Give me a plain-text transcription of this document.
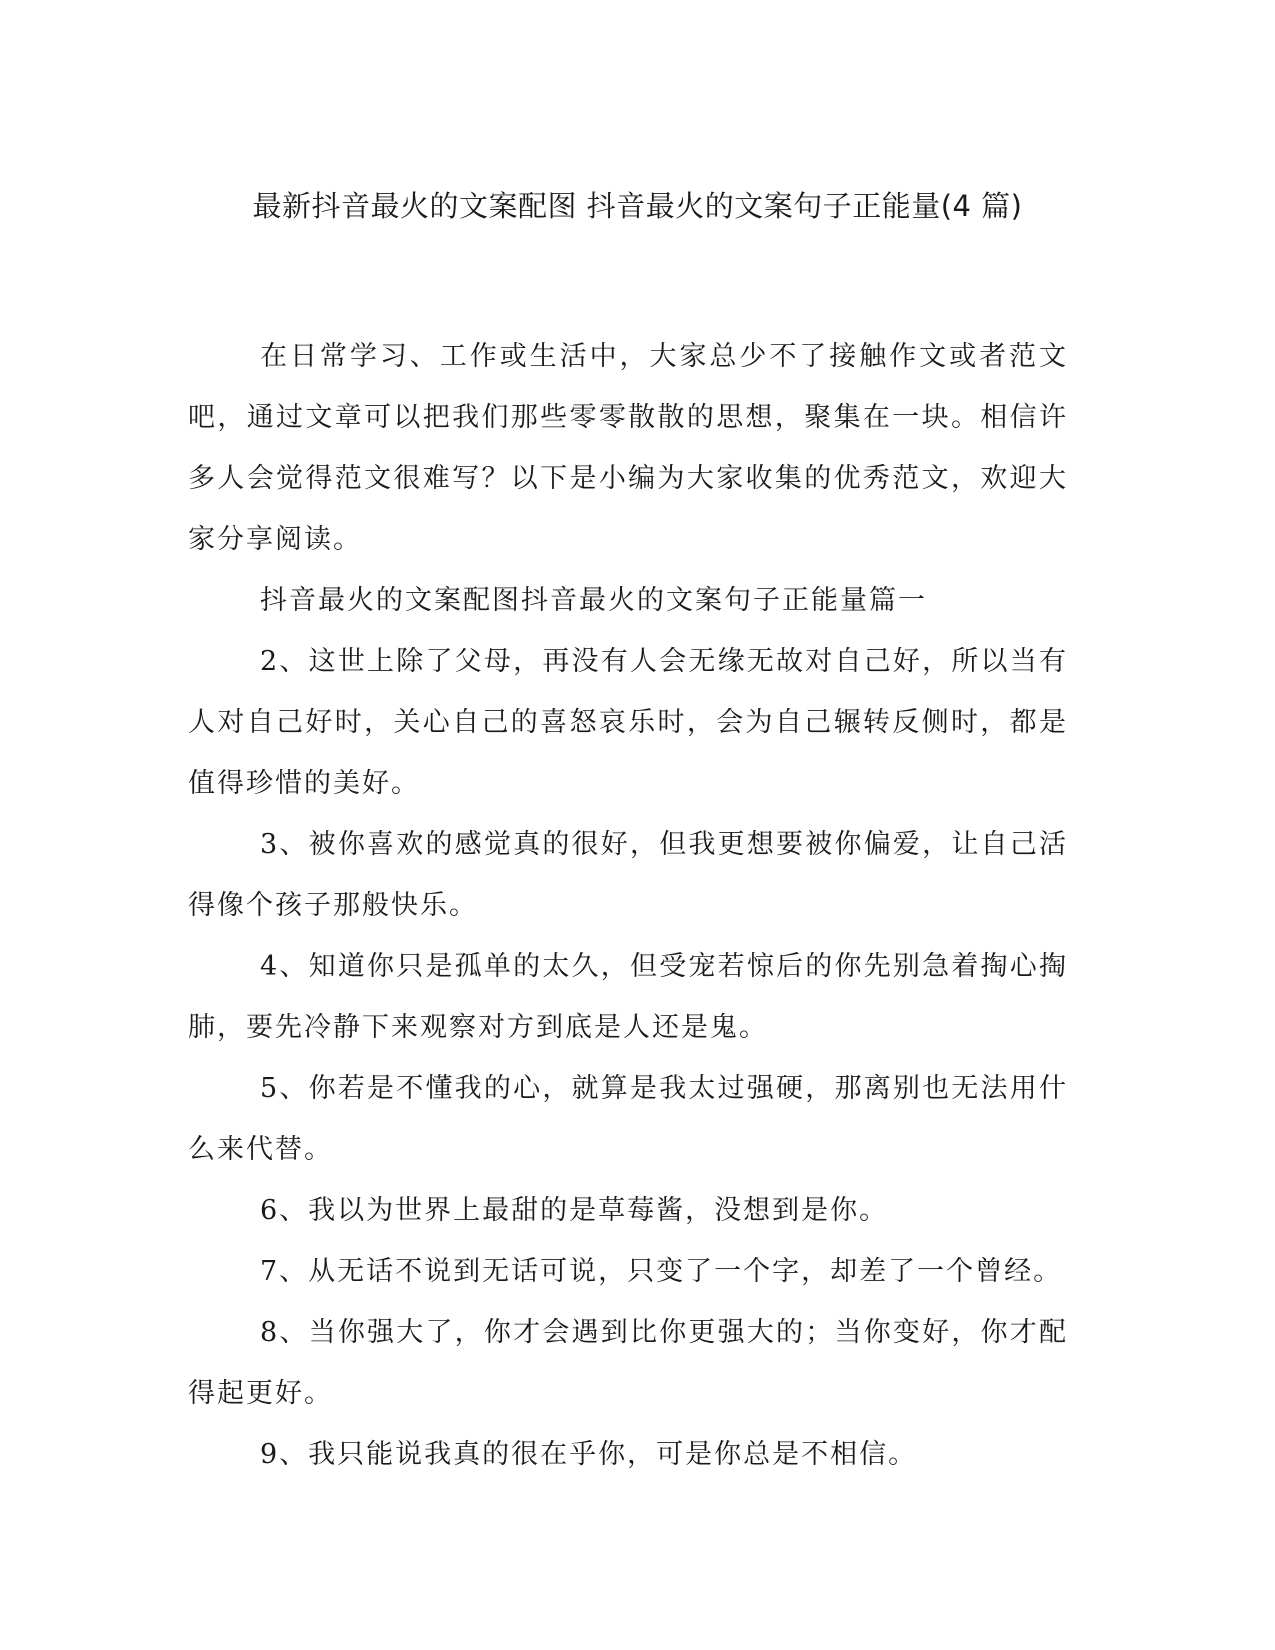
最新抖音最火的文案配图 抖音最火的文案句子正能量(4 篇)

在日常学习、工作或生活中，大家总少不了接触作文或者范文吧，通过文章可以把我们那些零零散散的思想，聚集在一块。相信许多人会觉得范文很难写？以下是小编为大家收集的优秀范文，欢迎大家分享阅读。

抖音最火的文案配图抖音最火的文案句子正能量篇一

2、这世上除了父母，再没有人会无缘无故对自己好，所以当有人对自己好时，关心自己的喜怒哀乐时，会为自己辗转反侧时，都是值得珍惜的美好。

3、被你喜欢的感觉真的很好，但我更想要被你偏爱，让自己活得像个孩子那般快乐。

4、知道你只是孤单的太久，但受宠若惊后的你先别急着掏心掏肺，要先冷静下来观察对方到底是人还是鬼。

5、你若是不懂我的心，就算是我太过强硬，那离别也无法用什么来代替。

6、我以为世界上最甜的是草莓酱，没想到是你。

7、从无话不说到无话可说，只变了一个字，却差了一个曾经。

8、当你强大了，你才会遇到比你更强大的；当你变好，你才配得起更好。

9、我只能说我真的很在乎你，可是你总是不相信。
